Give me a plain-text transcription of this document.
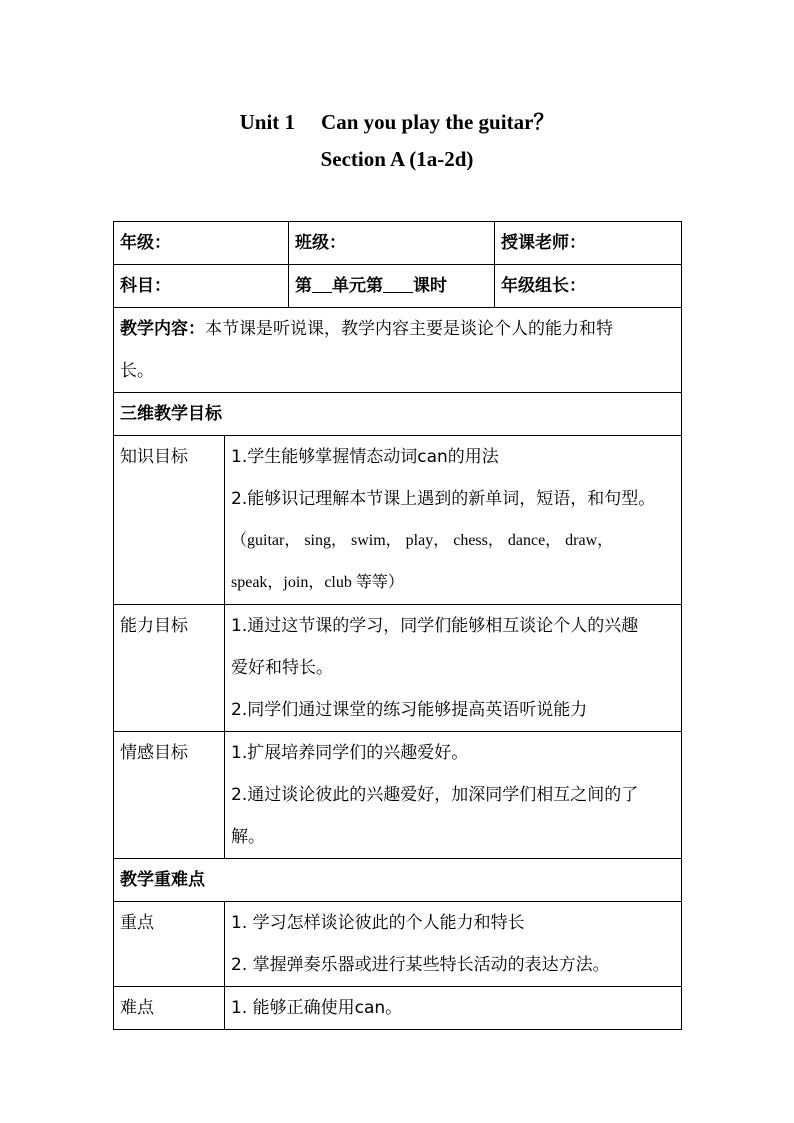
Unit 1 Can you play the guitar？
Section A (1a-2d)
年级：		班级：	授课老师：
科目：		第 单元第 课时	年级组长：

教学内容：本节课是听说课，教学内容主要是谈论个人的能力和特
长。			

三维教学目标			
知识目标	1.学生能够掌握情态动词can的用法
2.能够识记理解本节课上遇到的新单词，短语，和句型。
（guitar， sing， swim， play， chess， dance， draw，
speak，join，club 等等）		

能力目标	1.通过这节课的学习，同学们能够相互谈论个人的兴趣
爱好和特长。
2.同学们通过课堂的练习能够提高英语听说能力		

情感目标	1.扩展培养同学们的兴趣爱好。
2.通过谈论彼此的兴趣爱好，加深同学们相互之间的了
解。		

教学重难点			
重点	1. 学习怎样谈论彼此的个人能力和特长
2. 掌握弹奏乐器或进行某些特长活动的表达方法。		

难点	1. 能够正确使用can。		
